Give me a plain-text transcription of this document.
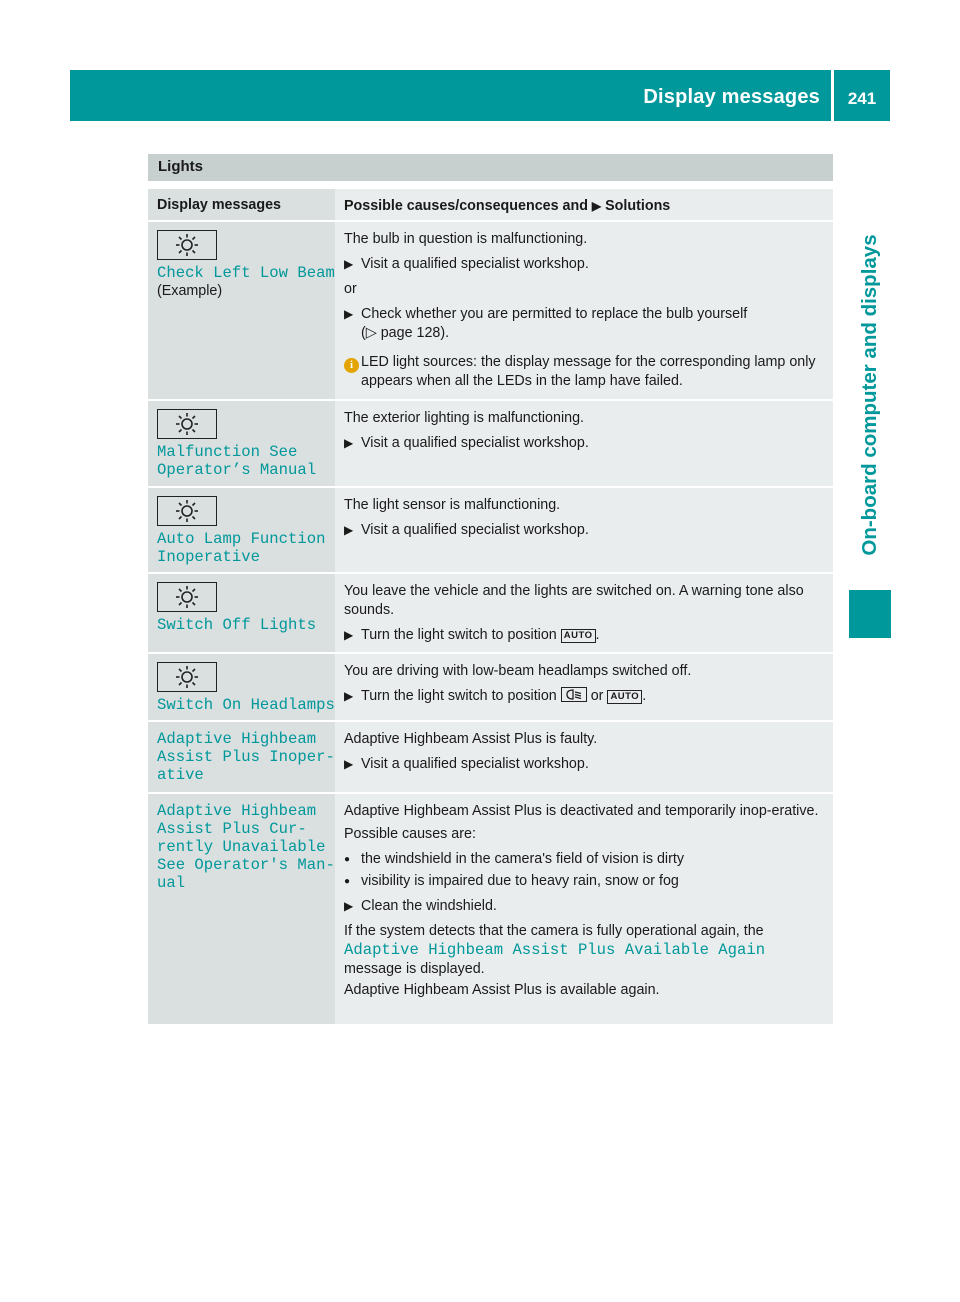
Display messages	241
On-board computer and displays
Lights
Display messages	Possible causes/consequences and ▶ Solutions
Check Left Low Beam
(Example)
The bulb in question is malfunctioning.
▶ Visit a qualified specialist workshop.
or
▶ Check whether you are permitted to replace the bulb yourself
(▷ page 128).
i LED light sources: the display message for the corresponding lamp only appears when all the LEDs in the lamp have failed.
Malfunction See
Operator’s Manual
The exterior lighting is malfunctioning.
▶ Visit a qualified specialist workshop.
Auto Lamp Function
Inoperative
The light sensor is malfunctioning.
▶ Visit a qualified specialist workshop.
Switch Off Lights
You leave the vehicle and the lights are switched on. A warning tone also sounds.
▶ Turn the light switch to position AUTO .
Switch On Headlamps
You are driving with low-beam headlamps switched off.
▶ Turn the light switch to position or AUTO .
Adaptive Highbeam
Assist Plus Inoper‐
ative
Adaptive Highbeam Assist Plus is faulty.
▶ Visit a qualified specialist workshop.
Adaptive Highbeam
Assist Plus Cur‐
rently Unavailable
See Operator's Man‐
ual
Adaptive Highbeam Assist Plus is deactivated and temporarily inop‐erative.
Possible causes are:
● the windshield in the camera's field of vision is dirty
● visibility is impaired due to heavy rain, snow or fog
▶ Clean the windshield.
If the system detects that the camera is fully operational again, the Adaptive Highbeam Assist Plus Available Again message is displayed.
Adaptive Highbeam Assist Plus is available again.
